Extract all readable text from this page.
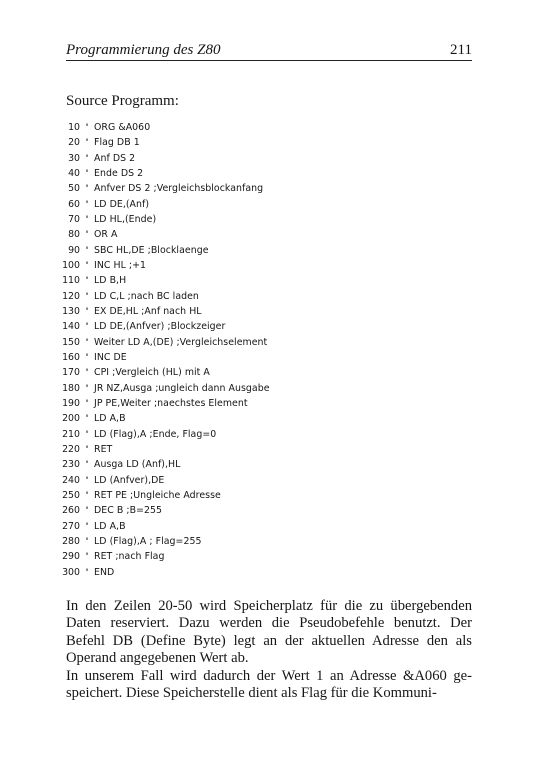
Programmierung des Z80	211
Source Programm:
10 ' ORG &A060
20 ' Flag DB 1
30 ' Anf DS 2
40 ' Ende DS 2
50 ' Anfver DS 2 ;Vergleichsblockanfang
60 ' LD DE,(Anf)
70 ' LD HL,(Ende)
80 ' OR A
90 ' SBC HL,DE ;Blocklaenge
100 ' INC HL ;+1
110 ' LD B,H
120 ' LD C,L ;nach BC laden
130 ' EX DE,HL ;Anf nach HL
140 ' LD DE,(Anfver) ;Blockzeiger
150 ' Weiter LD A,(DE) ;Vergleichselement
160 ' INC DE
170 ' CPI ;Vergleich (HL) mit A
180 ' JR NZ,Ausga ;ungleich dann Ausgabe
190 ' JP PE,Weiter ;naechstes Element
200 ' LD A,B
210 ' LD (Flag),A ;Ende, Flag=0
220 ' RET
230 ' Ausga LD (Anf),HL
240 ' LD (Anfver),DE
250 ' RET PE ;Ungleiche Adresse
260 ' DEC B ;B=255
270 ' LD A,B
280 ' LD (Flag),A ; Flag=255
290 ' RET ;nach Flag
300 ' END
In den Zeilen 20-50 wird Speicherplatz für die zu übergebenden
Daten reserviert. Dazu werden die Pseudobefehle benutzt. Der
Befehl DB (Define Byte) legt an der aktuellen Adresse den als
Operand angegebenen Wert ab.
In unserem Fall wird dadurch der Wert 1 an Adresse &A060 ge-
speichert. Diese Speicherstelle dient als Flag für die Kommuni-
